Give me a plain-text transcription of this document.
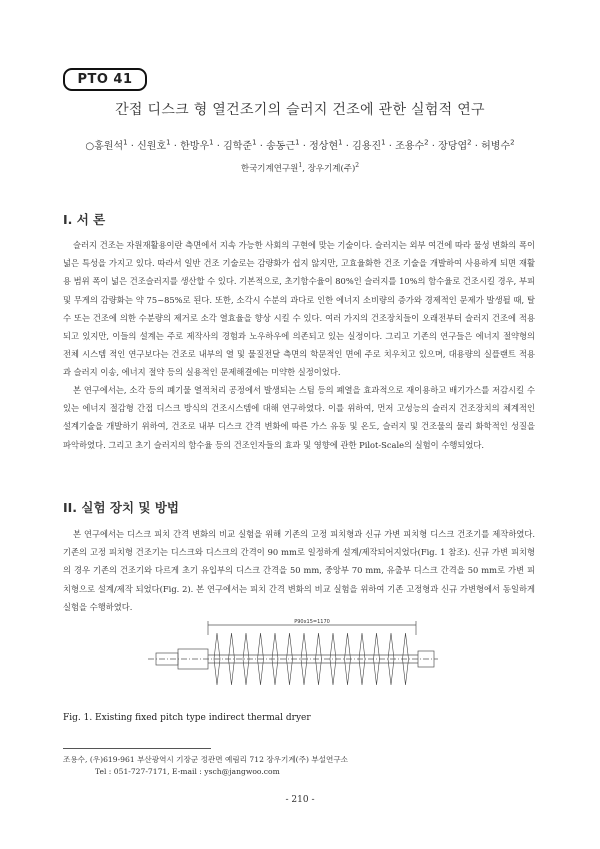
PTO 41
간접 디스크 형 열건조기의 슬러지 건조에 관한 실험적 연구
○홍원석$^1$ · 신원호$^1$ · 한방우$^1$ · 김학준$^1$ · 송동근$^1$ · 정상현$^1$ · 김용진$^1$ · 조용수$^2$ · 장당엽$^2$ · 허병수$^2$
한국기계연구원$^1$, 장우기계(주)$^2$
I. 서 론

슬러지 건조는 자원재활용이란 측면에서 지속 가능한 사회의 구현에 맞는 기술이다. 슬러지는 외부 여건에 따라 물성 변화의 폭이 넓은 특성을 가지고 있다. 따라서 일반 건조 기술로는 감량화가 쉽지 않지만, 고효율화한 건조 기술을 개발하여 사용하게 되면 재활용 범위 폭이 넓은 건조슬러지를 생산할 수 있다. 기본적으로, 초기함수율이 80%인 슬러지를 10%의 함수율로 건조시킬 경우, 부피 및 무게의 감량화는 약 75~85%로 된다. 또한, 소각시 수분의 과다로 인한 에너지 소비량의 증가와 경제적인 문제가 발생될 때, 탈수 또는 건조에 의한 수분량의 제거로 소각 열효율을 향상 시킬 수 있다. 여러 가지의 건조장치들이 오래전부터 슬러지 건조에 적용되고 있지만, 이들의 설계는 주로 제작사의 경험과 노우하우에 의존되고 있는 실정이다. 그리고 기존의 연구들은 에너지 절약형의 전체 시스템 적인 연구보다는 건조로 내부의 열 및 물질전달 측면의 학문적인 면에 주로 치우치고 있으며, 대용량의 실플랜트 적용과 슬러지 이송, 에너지 절약 등의 실용적인 문제해결에는 미약한 실정이었다.

본 연구에서는, 소각 등의 폐기물 열적처리 공정에서 발생되는 스팀 등의 폐열을 효과적으로 재이용하고 배기가스를 저감시킬 수 있는 에너지 절감형 간접 디스크 방식의 건조시스템에 대해 연구하였다. 이를 위하여, 먼저 고성능의 슬러지 건조장치의 체계적인 설계기술을 개발하기 위하여, 건조로 내부 디스크 간격 변화에 따른 가스 유동 및 온도, 슬러지 및 건조물의 물리 화학적인 성질을 파악하였다. 그리고 초기 슬러지의 함수율 등의 건조인자들의 효과 및 영향에 관한 Pilot-Scale의 실험이 수행되었다.

II. 실험 장치 및 방법

본 연구에서는 디스크 피치 간격 변화의 비교 실험을 위해 기존의 고정 피치형과 신규 가변 피치형 디스크 건조기를 제작하였다. 기존의 고정 피치형 건조기는 디스크와 디스크의 간격이 90 mm로 일정하게 설계/제작되어지었다(Fig. 1 참조). 신규 가변 피치형의 경우 기존의 건조기와 다르게 초기 유입부의 디스크 간격을 50 mm, 중앙부 70 mm, 유출부 디스크 간격을 50 mm로 가변 피치형으로 설계/제작 되었다(Fig. 2). 본 연구에서는 피치 간격 변화의 비교 실험을 위하여 기존 고정형과 신규 가변형에서 동일하게 실험을 수행하였다.

P90x15=1170
Fig. 1. Existing fixed pitch type indirect thermal dryer
조용수, (우)619-961 부산광역시 기장군 정관면 예림리 712 장우기계(주) 부설연구소
Tel : 051-727-7171, E-mail : ysch@jangwoo.com
- 210 -
